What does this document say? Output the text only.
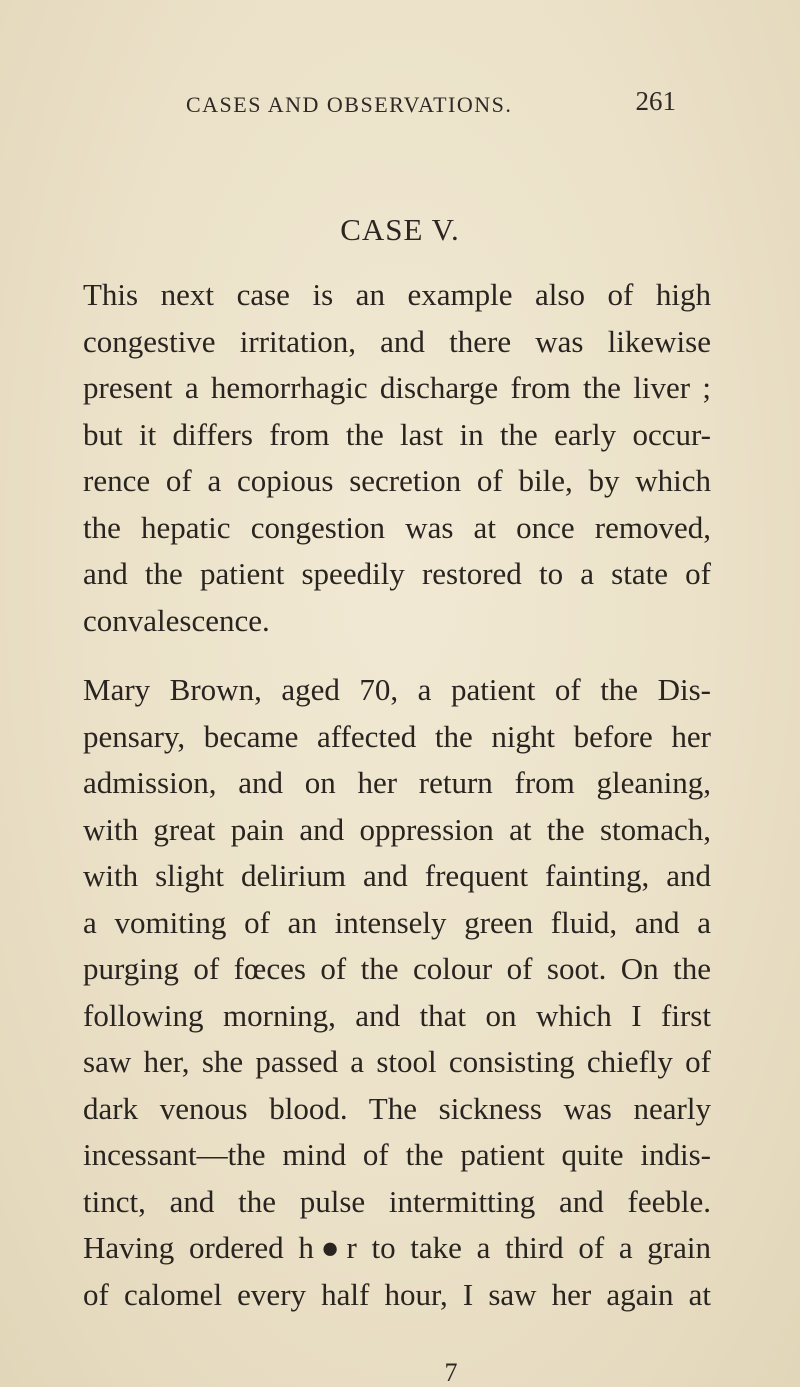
CASES AND OBSERVATIONS.	261
CASE V.
This next case is an example also of high
congestive irritation, and there was likewise
present a hemorrhagic discharge from the liver ;
but it differs from the last in the early occur-
rence of a copious secretion of bile, by which
the hepatic congestion was at once removed,
and the patient speedily restored to a state of
convalescence.
Mary Brown, aged 70, a patient of the Dis-
pensary, became affected the night before her
admission, and on her return from gleaning,
with great pain and oppression at the stomach,
with slight delirium and frequent fainting, and
a vomiting of an intensely green fluid, and a
purging of fœces of the colour of soot. On the
following morning, and that on which I first
saw her, she passed a stool consisting chiefly of
dark venous blood. The sickness was nearly
incessant—the mind of the patient quite indis-
tinct, and the pulse intermitting and feeble.
Having ordered h●r to take a third of a grain
of calomel every half hour, I saw her again at
7
